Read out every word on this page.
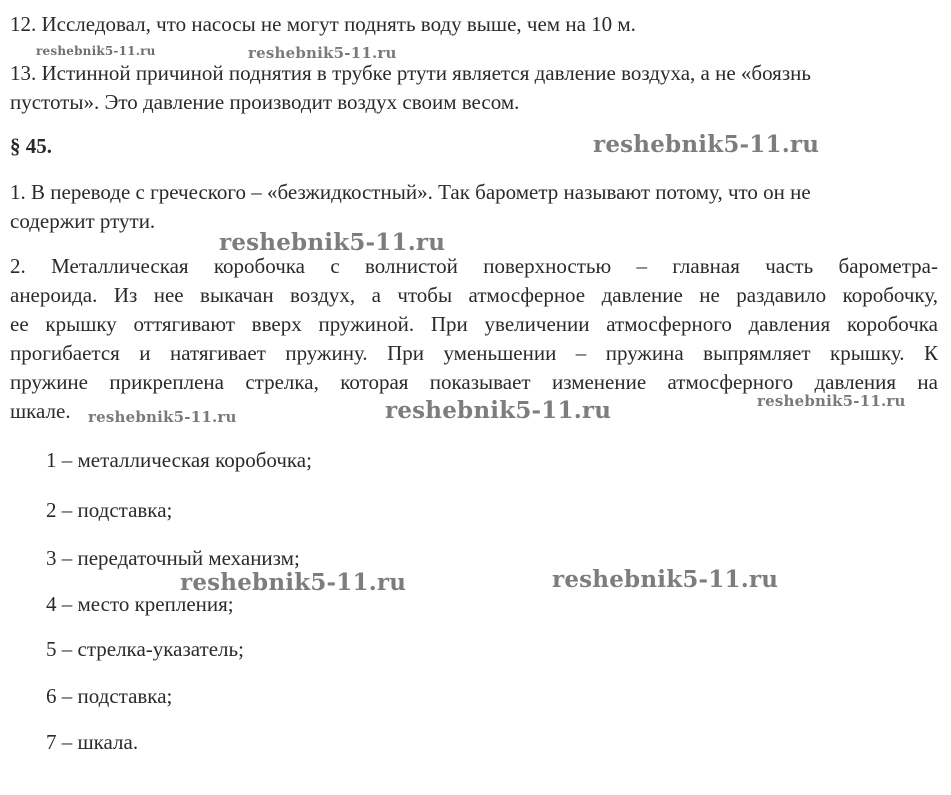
12. Исследовал, что насосы не могут поднять воду выше, чем на 10 м.
13. Истинной причиной поднятия в трубке ртути является давление воздуха, а не «боязнь
пустоты». Это давление производит воздух своим весом.
§ 45.
1. В переводе с греческого – «безжидкостный». Так барометр называют потому, что он не
содержит ртути.
2. Металлическая коробочка с волнистой поверхностью – главная часть барометра-
анероида. Из нее выкачан воздух, а чтобы атмосферное давление не раздавило коробочку,
ее крышку оттягивают вверх пружиной. При увеличении атмосферного давления коробочка
прогибается и натягивает пружину. При уменьшении – пружина выпрямляет крышку. К
пружине прикреплена стрелка, которая показывает изменение атмосферного давления на
шкале.
1 – металлическая коробочка;
2 – подставка;
3 – передаточный механизм;
4 – место крепления;
5 – стрелка-указатель;
6 – подставка;
7 – шкала.
reshebnik5-11.ru	reshebnik5-11.ru
reshebnik5-11.ru
reshebnik5-11.ru
reshebnik5-11.ru	reshebnik5-11.ru	reshebnik5-11.ru
reshebnik5-11.ru	reshebnik5-11.ru
